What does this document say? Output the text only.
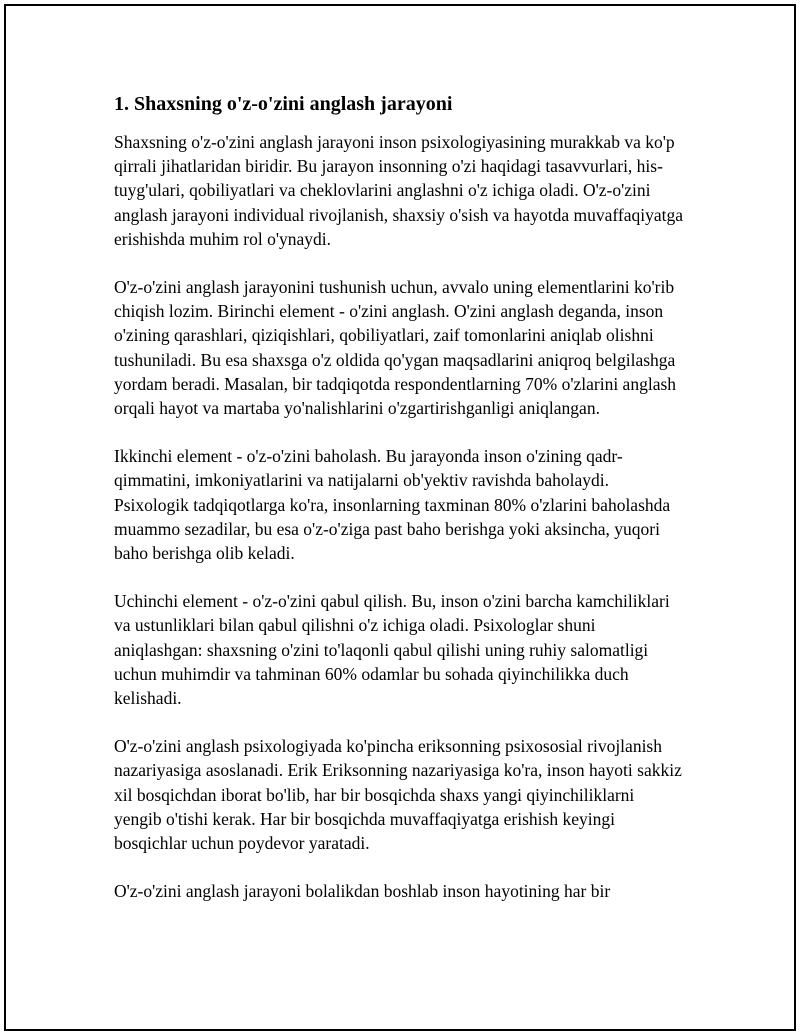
1. Shaxsning o'z-o'zini anglash jarayoni

Shaxsning o'z-o'zini anglash jarayoni inson psixologiyasining murakkab va ko'p qirrali jihatlaridan biridir. Bu jarayon insonning o'zi haqidagi tasavvurlari, his-tuyg'ulari, qobiliyatlari va cheklovlarini anglashni o'z ichiga oladi. O'z-o'zini anglash jarayoni individual rivojlanish, shaxsiy o'sish va hayotda muvaffaqiyatga erishishda muhim rol o'ynaydi.

O'z-o'zini anglash jarayonini tushunish uchun, avvalo uning elementlarini ko'rib chiqish lozim. Birinchi element - o'zini anglash. O'zini anglash deganda, inson o'zining qarashlari, qiziqishlari, qobiliyatlari, zaif tomonlarini aniqlab olishni tushuniladi. Bu esa shaxsga o'z oldida qo'ygan maqsadlarini aniqroq belgilashga yordam beradi. Masalan, bir tadqiqotda respondentlarning 70% o'zlarini anglash orqali hayot va martaba yo'nalishlarini o'zgartirishganligi aniqlangan.

Ikkinchi element - o'z-o'zini baholash. Bu jarayonda inson o'zining qadr-qimmatini, imkoniyatlarini va natijalarni ob'yektiv ravishda baholaydi. Psixologik tadqiqotlarga ko'ra, insonlarning taxminan 80% o'zlarini baholashda muammo sezadilar, bu esa o'z-o'ziga past baho berishga yoki aksincha, yuqori baho berishga olib keladi.

Uchinchi element - o'z-o'zini qabul qilish. Bu, inson o'zini barcha kamchiliklari va ustunliklari bilan qabul qilishni o'z ichiga oladi. Psixologlar shuni aniqlashgan: shaxsning o'zini to'laqonli qabul qilishi uning ruhiy salomatligi uchun muhimdir va tahminan 60% odamlar bu sohada qiyinchilikka duch kelishadi.

O'z-o'zini anglash psixologiyada ko'pincha eriksonning psixososial rivojlanish nazariyasiga asoslanadi. Erik Eriksonning nazariyasiga ko'ra, inson hayoti sakkiz xil bosqichdan iborat bo'lib, har bir bosqichda shaxs yangi qiyinchiliklarni yengib o'tishi kerak. Har bir bosqichda muvaffaqiyatga erishish keyingi bosqichlar uchun poydevor yaratadi.

O'z-o'zini anglash jarayoni bolalikdan boshlab inson hayotining har bir
